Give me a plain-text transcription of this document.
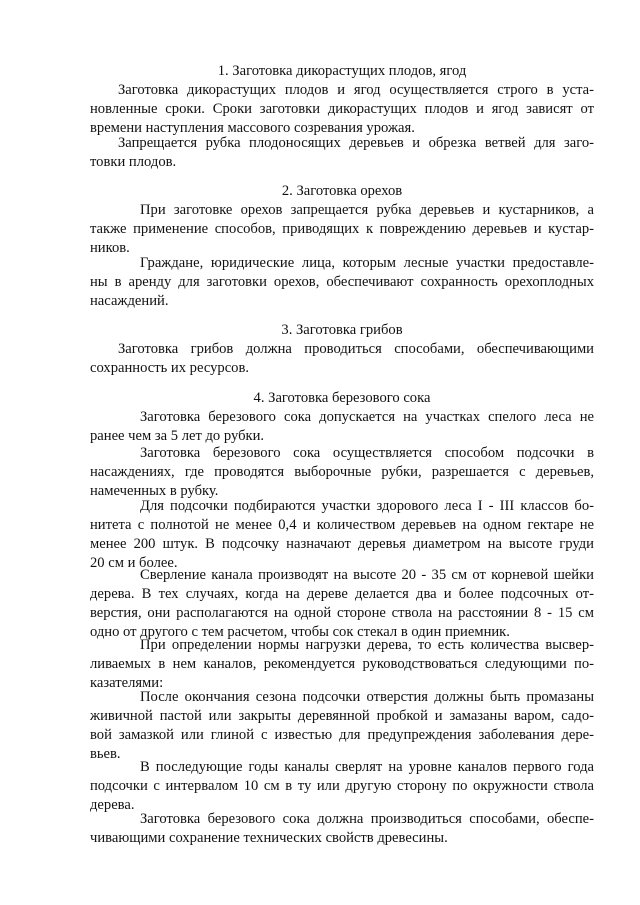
1. Заготовка дикорастущих плодов, ягод
Заготовка дикорастущих плодов и ягод осуществляется строго в уста-
новленные сроки. Сроки заготовки дикорастущих плодов и ягод зависят от
времени наступления массового созревания урожая.
Запрещается рубка плодоносящих деревьев и обрезка ветвей для заго-
товки плодов.
2. Заготовка орехов
При заготовке орехов запрещается рубка деревьев и кустарников, а
также применение способов, приводящих к повреждению деревьев и кустар-
ников.
Граждане, юридические лица, которым лесные участки предоставле-
ны в аренду для заготовки орехов, обеспечивают сохранность орехоплодных
насаждений.
3. Заготовка грибов
Заготовка грибов должна проводиться способами, обеспечивающими
сохранность их ресурсов.
4. Заготовка березового сока
Заготовка березового сока допускается на участках спелого леса не
ранее чем за 5 лет до рубки.
Заготовка березового сока осуществляется способом подсочки в
насаждениях, где проводятся выборочные рубки, разрешается с деревьев,
намеченных в рубку.
Для подсочки подбираются участки здорового леса I - III классов бо-
нитета с полнотой не менее 0,4 и количеством деревьев на одном гектаре не
менее 200 штук. В подсочку назначают деревья диаметром на высоте груди
20 см и более.
Сверление канала производят на высоте 20 - 35 см от корневой шейки
дерева. В тех случаях, когда на дереве делается два и более подсочных от-
верстия, они располагаются на одной стороне ствола на расстоянии 8 - 15 см
одно от другого с тем расчетом, чтобы сок стекал в один приемник.
При определении нормы нагрузки дерева, то есть количества высвер-
ливаемых в нем каналов, рекомендуется руководствоваться следующими по-
казателями:
После окончания сезона подсочки отверстия должны быть промазаны
живичной пастой или закрыты деревянной пробкой и замазаны варом, садо-
вой замазкой или глиной с известью для предупреждения заболевания дере-
вьев.
В последующие годы каналы сверлят на уровне каналов первого года
подсочки с интервалом 10 см в ту или другую сторону по окружности ствола
дерева.
Заготовка березового сока должна производиться способами, обеспе-
чивающими сохранение технических свойств древесины.
